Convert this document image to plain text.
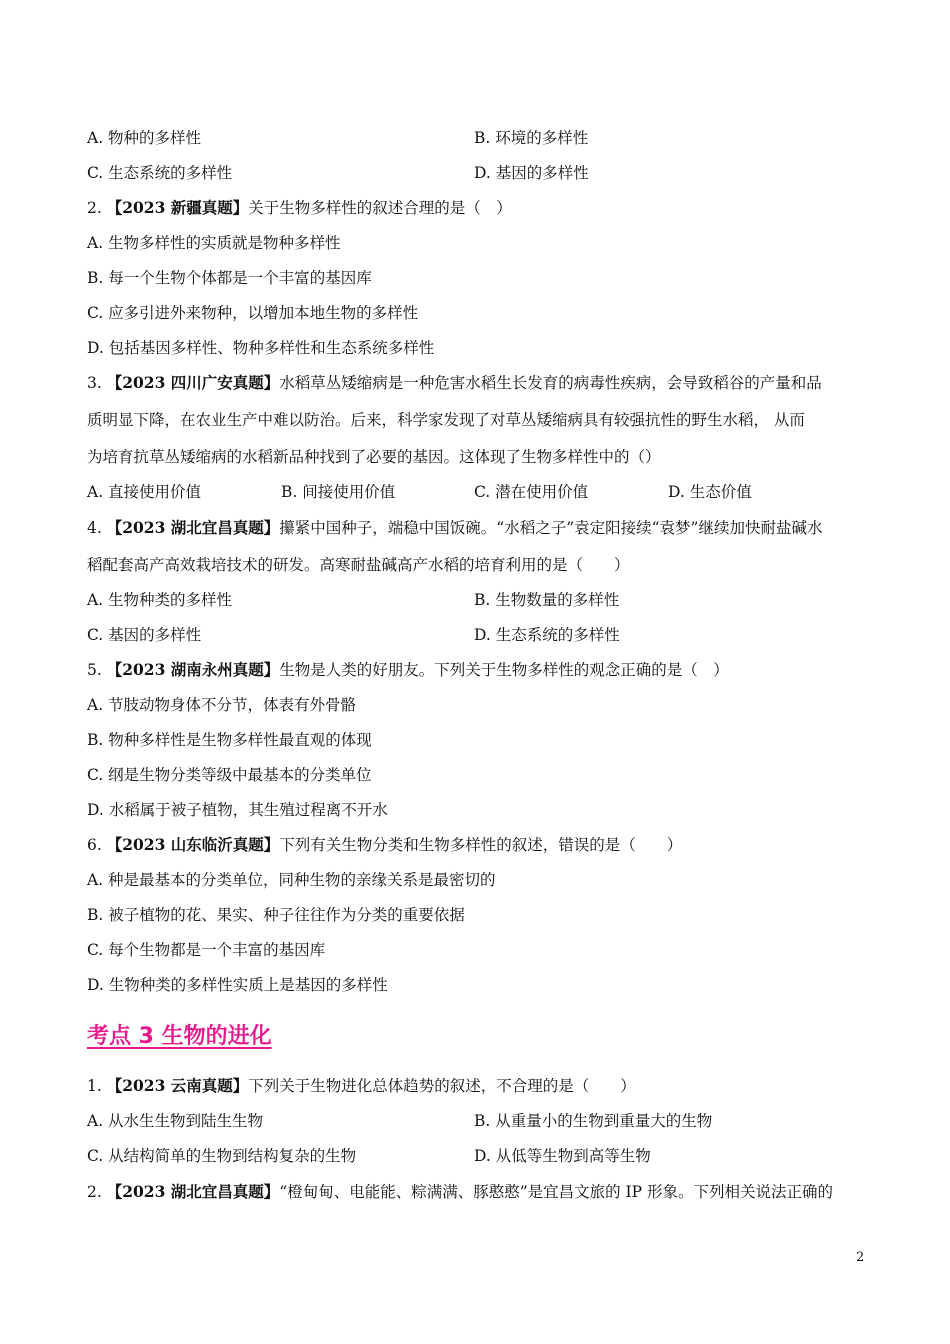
A. 物种的多样性	B. 环境的多样性
C. 生态系统的多样性	D. 基因的多样性
2. 【2023 新疆真题】关于生物多样性的叙述合理的是（　）
A. 生物多样性的实质就是物种多样性
B. 每一个生物个体都是一个丰富的基因库
C. 应多引进外来物种，以增加本地生物的多样性
D. 包括基因多样性、物种多样性和生态系统多样性
3. 【2023 四川广安真题】水稻草丛矮缩病是一种危害水稻生长发育的病毒性疾病，会导致稻谷的产量和品
质明显下降，在农业生产中难以防治。后来，科学家发现了对草丛矮缩病具有较强抗性的野生水稻， 从而
为培育抗草丛矮缩病的水稻新品种找到了必要的基因。这体现了生物多样性中的（）
A. 直接使用价值	B. 间接使用价值	C. 潜在使用价值	D. 生态价值
4. 【2023 湖北宜昌真题】攥紧中国种子，端稳中国饭碗。“水稻之子”袁定阳接续“袁梦”继续加快耐盐碱水
稻配套高产高效栽培技术的研发。高寒耐盐碱高产水稻的培育利用的是（　　）
A. 生物种类的多样性	B. 生物数量的多样性
C. 基因的多样性	D. 生态系统的多样性
5. 【2023 湖南永州真题】生物是人类的好朋友。下列关于生物多样性的观念正确的是（　）
A. 节肢动物身体不分节，体表有外骨骼
B. 物种多样性是生物多样性最直观的体现
C. 纲是生物分类等级中最基本的分类单位
D. 水稻属于被子植物，其生殖过程离不开水
6. 【2023 山东临沂真题】下列有关生物分类和生物多样性的叙述，错误的是（　　）
A. 种是最基本的分类单位，同种生物的亲缘关系是最密切的
B. 被子植物的花、果实、种子往往作为分类的重要依据
C. 每个生物都是一个丰富的基因库
D. 生物种类的多样性实质上是基因的多样性
考点 3 生物的进化
1. 【2023 云南真题】下列关于生物进化总体趋势的叙述，不合理的是（　　）
A. 从水生生物到陆生生物	B. 从重量小的生物到重量大的生物
C. 从结构简单的生物到结构复杂的生物	D. 从低等生物到高等生物
2. 【2023 湖北宜昌真题】“橙甸甸、电能能、粽满满、豚憨憨”是宜昌文旅的 IP 形象。下列相关说法正确的
2
